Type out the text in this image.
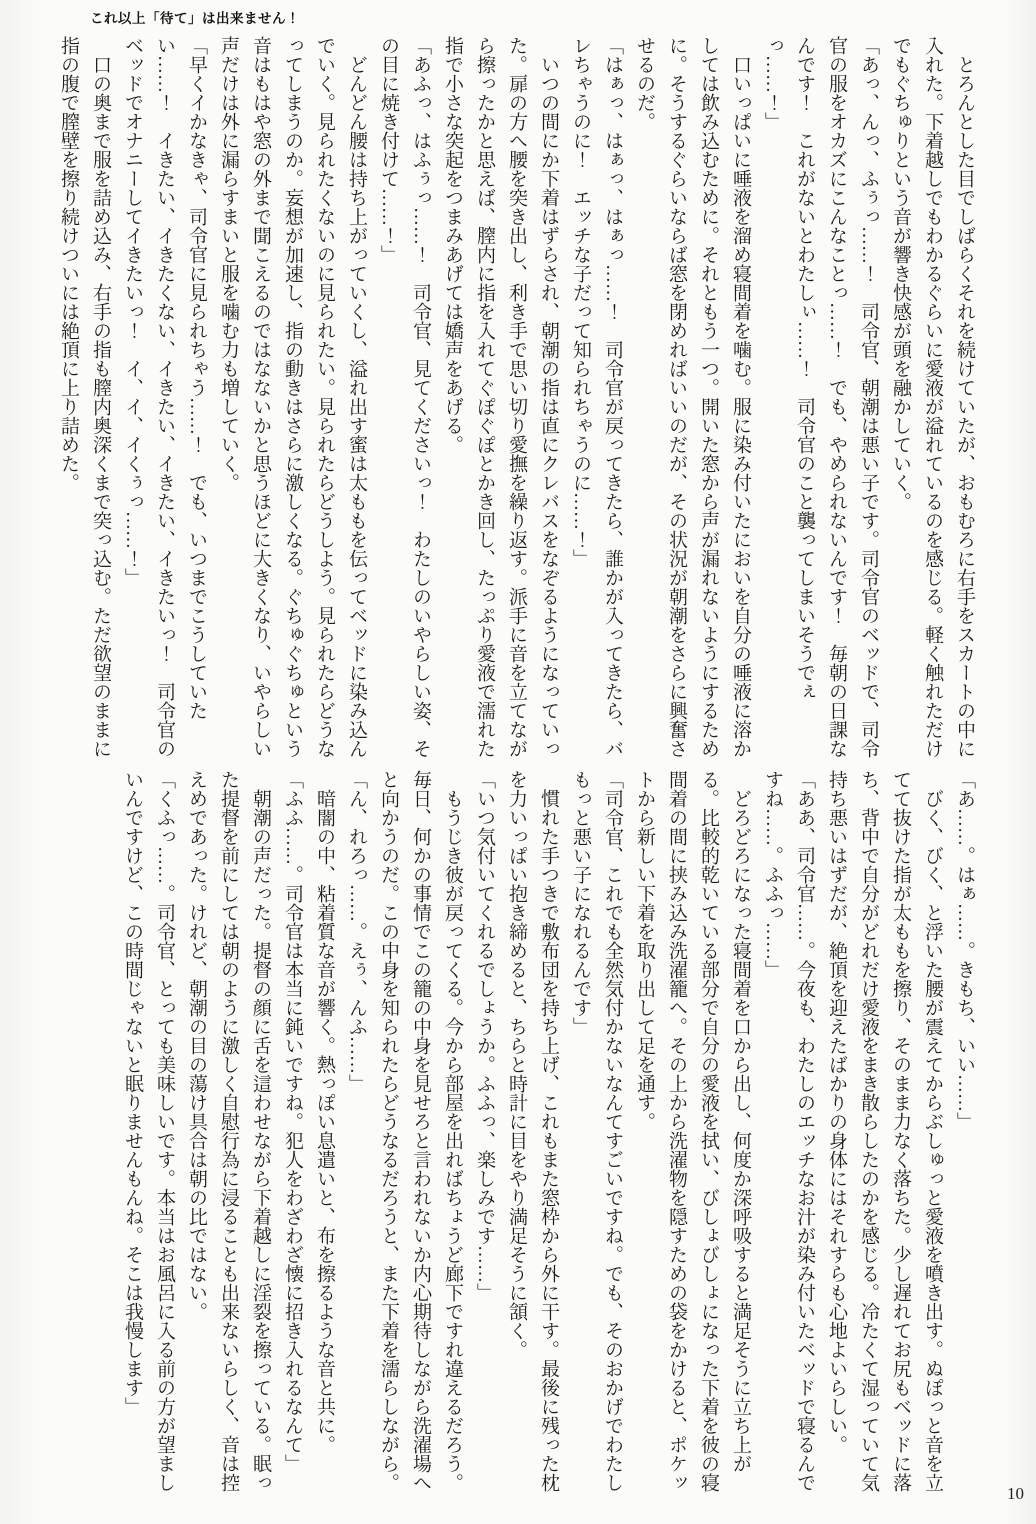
これ以上「待て」は出来ません！

　とろんとした目でしばらくそれを続けていたが、おもむろに右手をスカートの中に入れた。下着越しでもわかるぐらいに愛液が溢れているのを感じる。軽く触れただけでもぐちゅりという音が響き快感が頭を融かしていく。

「あっ、んっ、ふぅっ……！　司令官、朝潮は悪い子です。司令官のベッドで、司令官の服をオカズにこんなことっ……！　でも、やめられないんです！　毎朝の日課なんです！　これがないとわたしぃ……！　司令官のこと襲ってしまいそうでぇっ……！」

　口いっぱいに唾液を溜め寝間着を噛む。服に染み付いたにおいを自分の唾液に溶かしては飲み込むために。それともう一つ。開いた窓から声が漏れないようにするために。そうするぐらいならば窓を閉めればいいのだが、その状況が朝潮をさらに興奮させるのだ。

「はぁっ、はぁっ、はぁっ……！　司令官が戻ってきたら、誰かが入ってきたら、バレちゃうのに！　エッチな子だって知られちゃうのに……！」

　いつの間にか下着はずらされ、朝潮の指は直にクレバスをなぞるようになっていった。扉の方へ腰を突き出し、利き手で思い切り愛撫を繰り返す。派手に音を立てながら擦ったかと思えば、膣内に指を入れてぐぽぐぽとかき回し、たっぷり愛液で濡れた指で小さな突起をつまみあげては嬌声をあげる。

「あふっ、はふぅっ……！　司令官、見てくださいっ！　わたしのいやらしい姿、その目に焼き付けて……！」

　どんどん腰は持ち上がっていくし、溢れ出す蜜は太ももを伝ってベッドに染み込んでいく。見られたくないのに見られたい。見られたらどうしよう。見られたらどうなってしまうのか。妄想が加速し、指の動きはさらに激しくなる。ぐちゅぐちゅという音はもはや窓の外まで聞こえるのではなないかと思うほどに大きくなり、いやらしい声だけは外に漏らすまいと服を噛む力も増していく。

「早くイかなきゃ、司令官に見られちゃう……！　でも、いつまでこうしていたい……！　イきたい、イきたくない、イきたい、イきたい、イきたいっ！　司令官のベッドでオナニーしてイきたいっ！　イ、イ、イくぅっ……！」

　口の奥まで服を詰め込み、右手の指も膣内奥深くまで突っ込む。ただ欲望のままに指の腹で膣壁を擦り続けついには絶頂に上り詰めた。

「あ……。はぁ……。きもち、いい……」

　びく、びく、と浮いた腰が震えてからぶしゅっと愛液を噴き出す。ぬぽっと音を立てて抜けた指が太ももを擦り、そのまま力なく落ちた。少し遅れてお尻もベッドに落ち、背中で自分がどれだけ愛液をまき散らしたのかを感じる。冷たくて湿っていて気持ち悪いはずだが、絶頂を迎えたばかりの身体にはそれすらも心地よいらしい。

「ああ、司令官……。今夜も、わたしのエッチなお汁が染み付いたベッドで寝るんですね……。ふふっ……」

　どろどろになった寝間着を口から出し、何度か深呼吸すると満足そうに立ち上がる。比較的乾いている部分で自分の愛液を拭い、びしょびしょになった下着を彼の寝間着の間に挟み込み洗濯籠へ。その上から洗濯物を隠すための袋をかけると、ポケットから新しい下着を取り出して足を通す。

「司令官、これでも全然気付かないなんてすごいですね。でも、そのおかげでわたしもっと悪い子になれるんです」

　慣れた手つきで敷布団を持ち上げ、これもまた窓枠から外に干す。最後に残った枕を力いっぱい抱き締めると、ちらと時計に目をやり満足そうに頷く。

「いつ気付いてくれるでしょうか。ふふっ、楽しみです……」

　もうじき彼が戻ってくる。今から部屋を出ればちょうど廊下ですれ違えるだろう。毎日、何かの事情でこの籠の中身を見せろと言われないか内心期待しながら洗濯場へと向かうのだ。この中身を知られたらどうなるだろうと、また下着を濡らしながら。

「ん、れろっ……。えぅ、んふ……」

　暗闇の中、粘着質な音が響く。熱っぽい息遣いと、布を擦るような音と共に。

「ふふ……。司令官は本当に鈍いですね。犯人をわざわざ懐に招き入れるなんて」

　朝潮の声だった。提督の顔に舌を這わせながら下着越しに淫裂を擦っている。眠った提督を前にしては朝のように激しく自慰行為に浸ることも出来ないらしく、音は控えめであった。けれど、朝潮の目の蕩け具合は朝の比ではない。

「くふっ……。司令官、とっても美味しいです。本当はお風呂に入る前の方が望ましいんですけど、この時間じゃないと眠りませんもんね。そこは我慢します」

10
